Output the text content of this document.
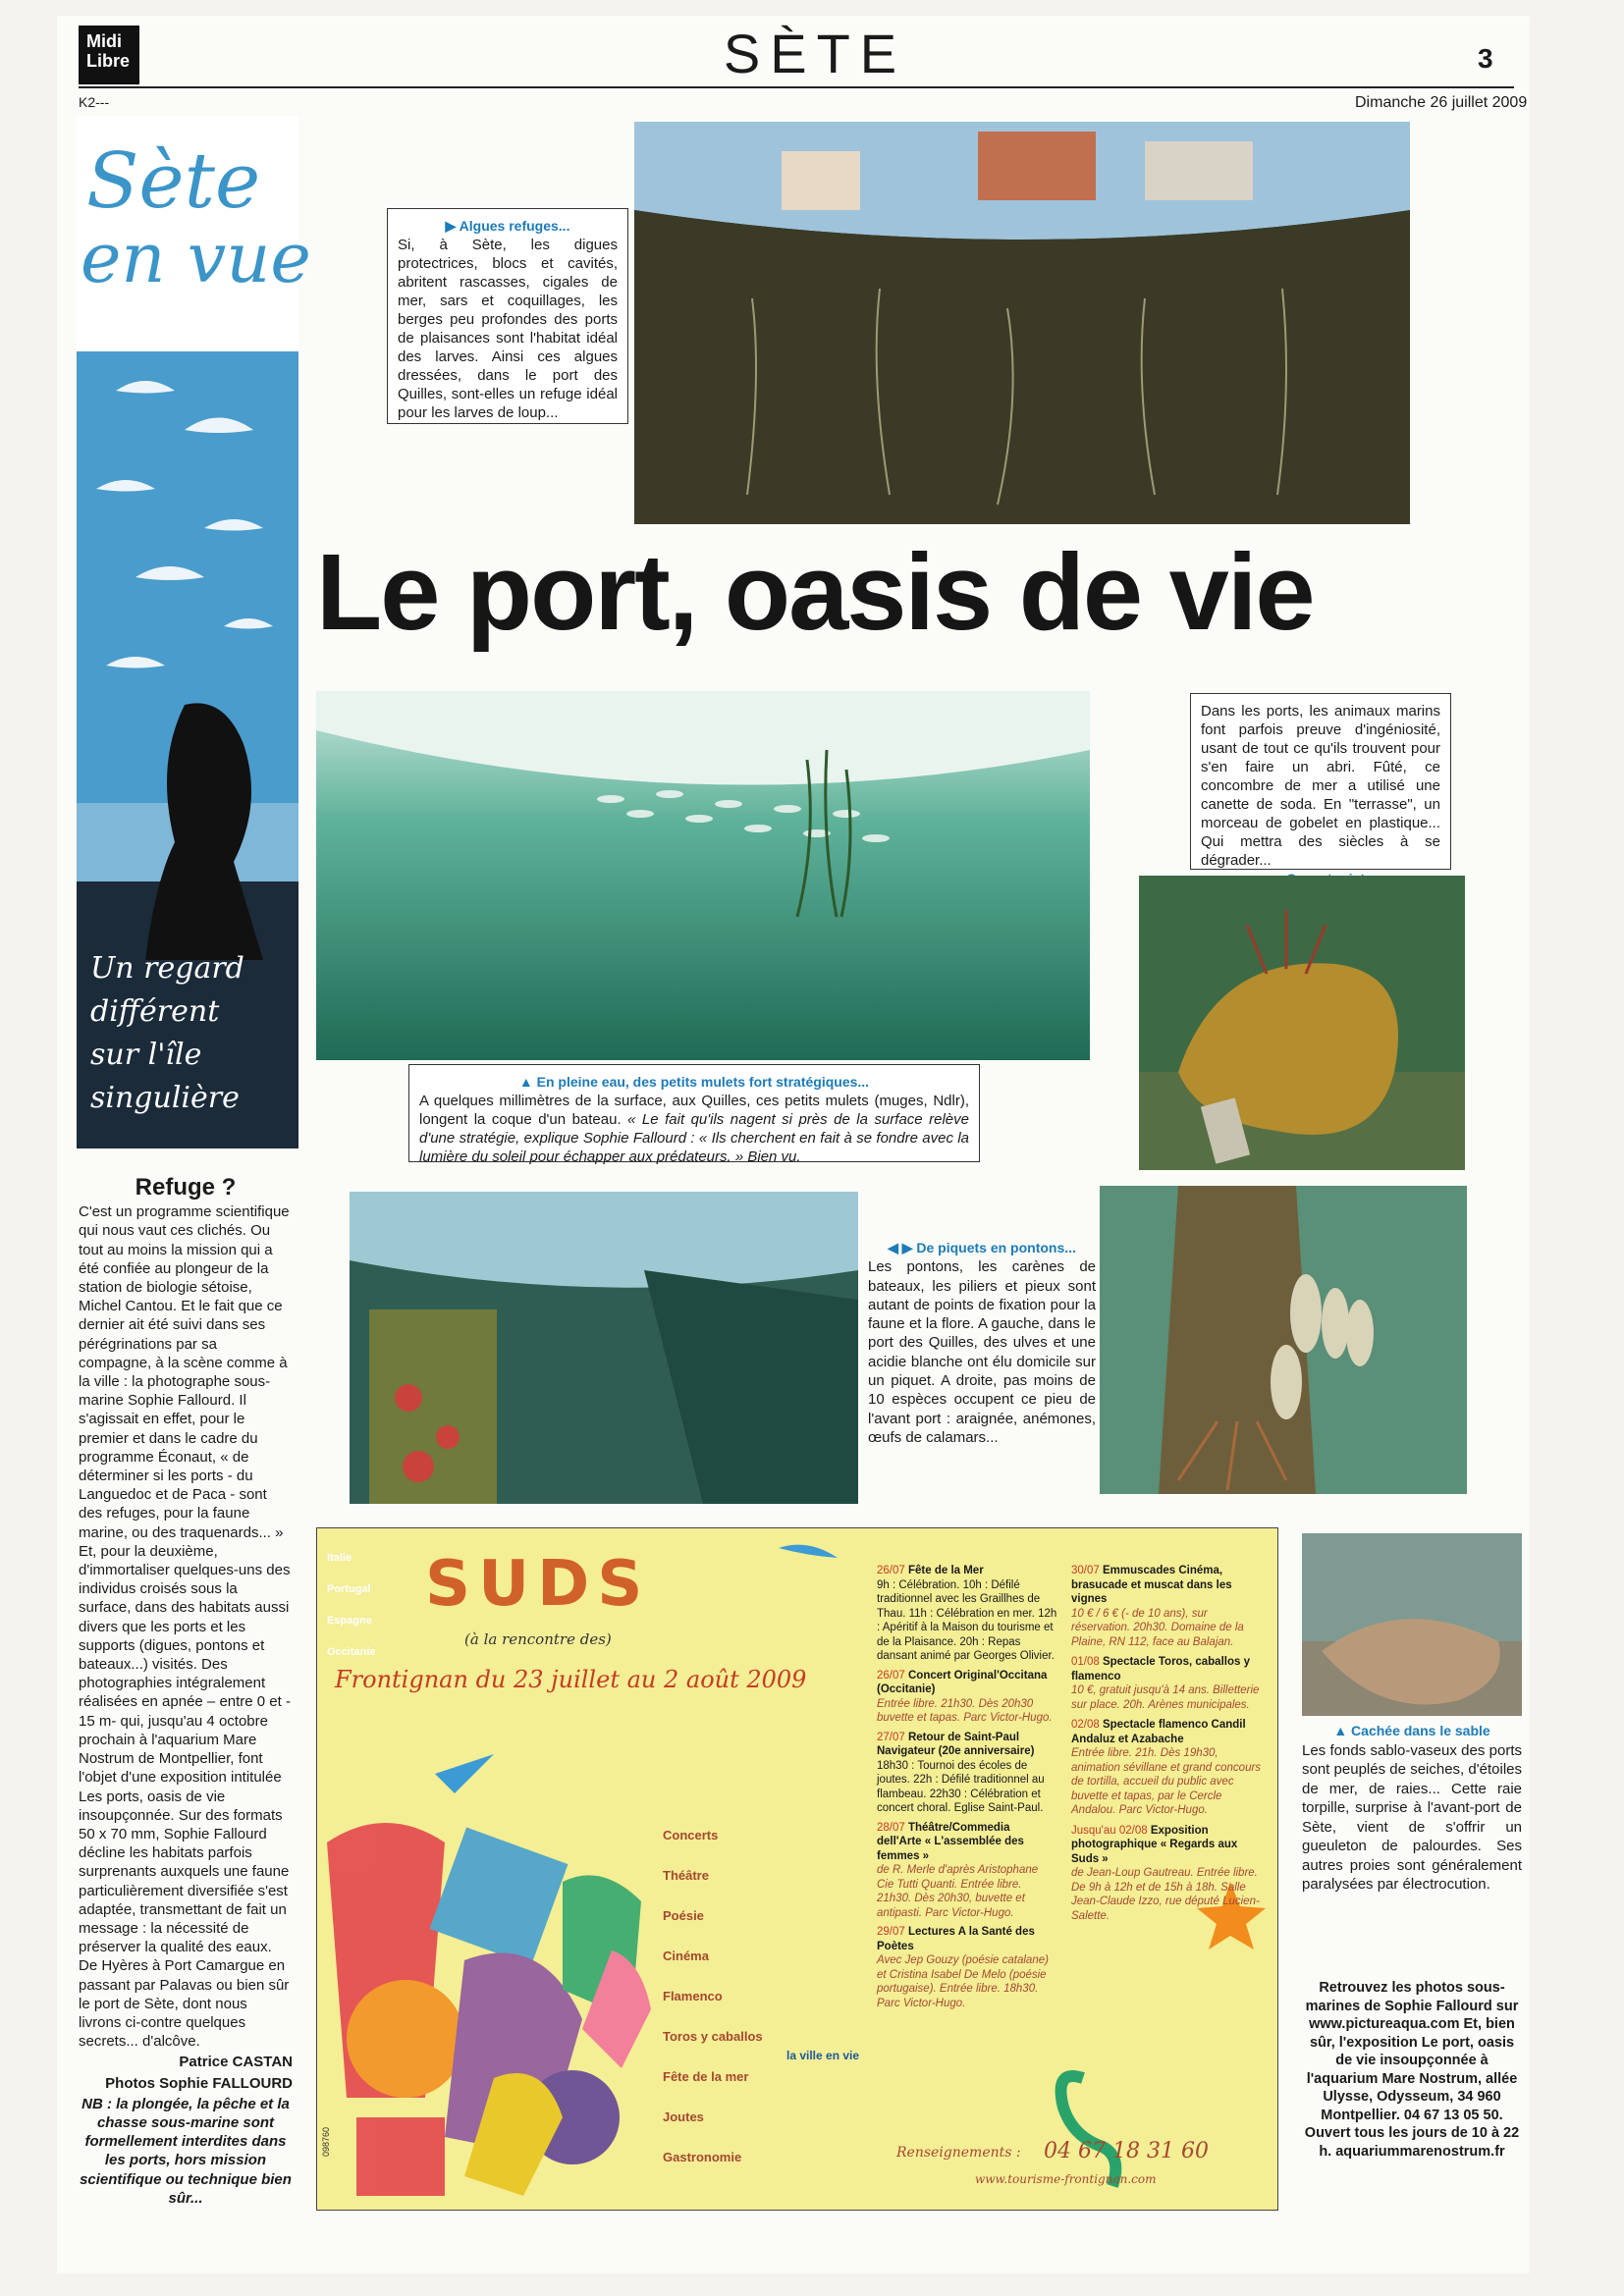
Midi
Libre	SÈTE	3
K2---	Dimanche 26 juillet 2009
Sète
en vue
Un regard
différent
sur l'île
singulière
▶ Algues refuges...
Si, à Sète, les digues protectrices, blocs et cavités, abritent rascasses, cigales de mer, sars et coquillages, les berges peu profondes des ports de plaisances sont l'habitat idéal des larves. Ainsi ces algues dressées, dans le port des Quilles, sont-elles un refuge idéal pour les larves de loup...
Le port, oasis de vie
▲ En pleine eau, des petits mulets fort stratégiques...
A quelques millimètres de la surface, aux Quilles, ces petits mulets (muges, Ndlr), longent la coque d'un bateau. « Le fait qu'ils nagent si près de la surface relève d'une stratégie, explique Sophie Fallourd : « Ils cherchent en fait à se fondre avec la lumière du soleil pour échapper aux prédateurs. » Bien vu.
Dans les ports, les animaux marins font parfois preuve d'ingéniosité, usant de tout ce qu'ils trouvent pour s'en faire un abri. Fûté, ce concombre de mer a utilisé une canette de soda. En "terrasse", un morceau de gobelet en plastique... Qui mettra des siècles à se dégrader...
Refuge ?

C'est un programme scientifique qui nous vaut ces clichés. Ou tout au moins la mission qui a été confiée au plongeur de la station de biologie sétoise, Michel Cantou. Et le fait que ce dernier ait été suivi dans ses pérégrinations par sa compagne, à la scène comme à la ville : la photographe sous-marine Sophie Fallourd. Il s'agissait en effet, pour le premier et dans le cadre du programme Éconaut, « de déterminer si les ports - du Languedoc et de Paca - sont des refuges, pour la faune marine, ou des traquenards... » Et, pour la deuxième, d'immortaliser quelques-uns des individus croisés sous la surface, dans des habitats aussi divers que les ports et les supports (digues, pontons et bateaux...) visités. Des photographies intégralement réalisées en apnée – entre 0 et - 15 m- qui, jusqu'au 4 octobre prochain à l'aquarium Mare Nostrum de Montpellier, font l'objet d'une exposition intitulée Les ports, oasis de vie insoupçonnée. Sur des formats 50 x 70 mm, Sophie Fallourd décline les habitats parfois surprenants auxquels une faune particulièrement diversifiée s'est adaptée, transmettant de fait un message : la nécessité de préserver la qualité des eaux. De Hyères à Port Camargue en passant par Palavas ou bien sûr le port de Sète, dont nous livrons ci-contre quelques secrets... d'alcôve.

Patrice CASTAN
Photos Sophie FALLOURD
NB : la plongée, la pêche et la chasse sous-marine sont formellement interdites dans les ports, hors mission scientifique ou technique bien sûr...
◀ ▶ De piquets en pontons...
Les pontons, les carènes de bateaux, les piliers et pieux sont autant de points de fixation pour la faune et la flore. A gauche, dans le port des Quilles, des ulves et une acidie blanche ont élu domicile sur un piquet. A droite, pas moins de 10 espèces occupent ce pieu de l'avant port : araignée, anémones, œufs de calamars...
Italie
Portugal
Espagne
Occitanie
SUDS
(à la rencontre des)
Frontignan du 23 juillet au 2 août 2009
Concerts
Théâtre
Poésie
Cinéma
Flamenco
Toros y caballos
Fête de la mer
Joutes
Gastronomie
la ville en vie
26/07 Fête de la Mer
9h : Célébration. 10h : Défilé traditionnel avec les Graillhes de Thau. 11h : Célébration en mer. 12h : Apéritif à la Maison du tourisme et de la Plaisance. 20h : Repas dansant animé par Georges Olivier.
26/07 Concert Original'Occitana (Occitanie)
Entrée libre. 21h30. Dès 20h30 buvette et tapas. Parc Victor-Hugo.
27/07 Retour de Saint-Paul Navigateur (20e anniversaire)
18h30 : Tournoi des écoles de joutes. 22h : Défilé traditionnel au flambeau. 22h30 : Célébration et concert choral. Eglise Saint-Paul.
28/07 Théâtre/Commedia dell'Arte « L'assemblée des femmes »
de R. Merle d'après Aristophane Cie Tutti Quanti. Entrée libre. 21h30. Dès 20h30, buvette et antipasti. Parc Victor-Hugo.
29/07 Lectures A la Santé des Poètes
Avec Jep Gouzy (poésie catalane) et Cristina Isabel De Melo (poésie portugaise). Entrée libre. 18h30. Parc Victor-Hugo.
30/07 Emmuscades Cinéma, brasucade et muscat dans les vignes
10 € / 6 € (- de 10 ans), sur réservation. 20h30. Domaine de la Plaine, RN 112, face au Balajan.
01/08 Spectacle Toros, caballos y flamenco
10 €, gratuit jusqu'à 14 ans. Billetterie sur place. 20h. Arènes municipales.
02/08 Spectacle flamenco Candil Andaluz et Azabache
Entrée libre. 21h. Dès 19h30, animation sévillane et grand concours de tortilla, accueil du public avec buvette et tapas, par le Cercle Andalou. Parc Victor-Hugo.
Jusqu'au 02/08 Exposition photographique « Regards aux Suds »
de Jean-Loup Gautreau. Entrée libre. De 9h à 12h et de 15h à 18h. Salle Jean-Claude Izzo, rue député Lucien-Salette.
Renseignements : 04 67 18 31 60
www.tourisme-frontignan.com
098760
▲ Cachée dans le sable
Les fonds sablo-vaseux des ports sont peuplés de seiches, d'étoiles de mer, de raies... Cette raie torpille, surprise à l'avant-port de Sète, vient de s'offrir un gueuleton de palourdes. Ses autres proies sont généralement paralysées par électrocution.
Retrouvez les photos sous-marines de Sophie Fallourd sur www.pictureaqua.com Et, bien sûr, l'exposition Le port, oasis de vie insoupçonnée à l'aquarium Mare Nostrum, allée Ulysse, Odysseum, 34 960 Montpellier. 04 67 13 05 50. Ouvert tous les jours de 10 à 22 h. aquariummarenostrum.fr
